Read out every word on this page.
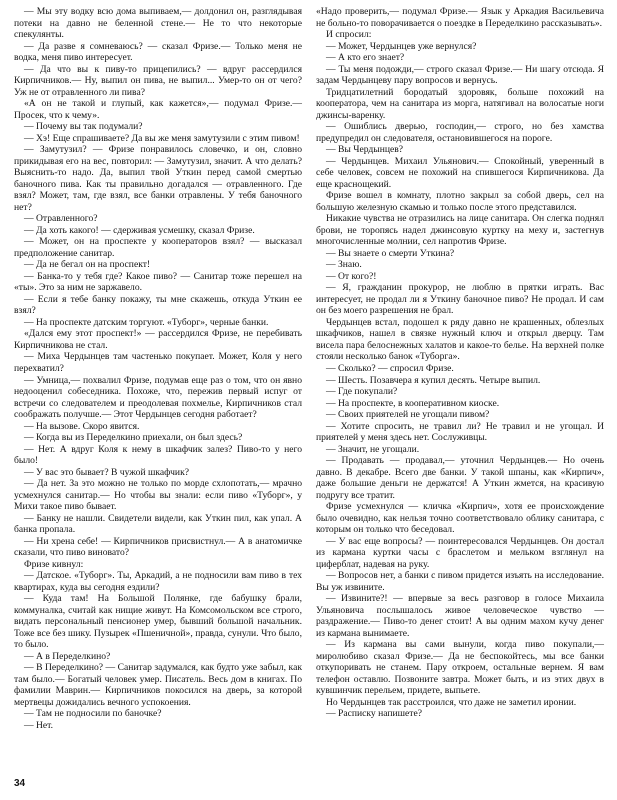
— Мы эту водку всю дома выпиваем,— долдонил он, разглядывая потеки на давно не беленной стене.— Не то что некоторые спекулянты.

— Да разве я сомневаюсь? — сказал Фризе.— Только меня не водка, меня пиво интересует.

— Да что вы к пиву-то прицепились? — вдруг рассердился Кирпичников.— Ну, выпил он пива, не выпил... Умер-то он от чего? Уж не от отравленного ли пива?

«А он не такой и глупый, как кажется»,— подумал Фризе.— Просек, что к чему».

— Почему вы так подумали?

— Хэ! Еще спрашиваете? Да вы же меня замутузили с этим пивом!

— Замутузил? — Фризе понравилось словечко, и он, словно прикидывая его на вес, повторил: — Замутузил, значит. А что делать? Выяснить-то надо. Да, выпил твой Уткин перед самой смертью баночного пива. Как ты правильно догадался — отравленного. Где взял? Может, там, где взял, все банки отравлены. У тебя баночного нет?

— Отравленного?

— Да хоть какого! — сдерживая усмешку, сказал Фризе.

— Может, он на проспекте у кооператоров взял? — высказал предположение санитар.

— Да не бегал он на проспект!

— Банка-то у тебя где? Какое пиво? — Санитар тоже перешел на «ты». Это за ним не заржавело.

— Если я тебе банку покажу, ты мне скажешь, откуда Уткин ее взял?

— На проспекте датским торгуют. «Туборг», черные банки.

«Дался ему этот проспект!» — рассердился Фризе, не перебивать Кирпичникова не стал.

— Миха Чердынцев там частенько покупает. Может, Коля у него перехватил?

— Умница,— похвалил Фризе, подумав еще раз о том, что он явно недооценил собеседника. Похоже, что, пережив первый испуг от встречи со следователем и преодолевая похмелье, Кирпичников стал соображать получше.— Этот Чердынцев сегодня работает?

— На вызове. Скоро явится.

— Когда вы из Переделкино приехали, он был здесь?

— Нет. А вдруг Коля к нему в шкафчик залез? Пиво-то у него было!

— У вас это бывает? В чужой шкафчик?

— Да нет. За это можно не только по морде схлопотать,— мрачно усмехнулся санитар.— Но чтобы вы знали: если пиво «Туборг», у Михи такое пиво бывает.

— Банку не нашли. Свидетели видели, как Уткин пил, как упал. А банка пропала.

— Ни хрена себе! — Кирпичников присвистнул.— А в анатомичке сказали, что пиво виновато?

Фризе кивнул:

— Датское. «Туборг». Ты, Аркадий, а не подносили вам пиво в тех квартирах, куда вы сегодня ездили?

— Куда там! На Большой Полянке, где бабушку брали, коммуналка, считай как нищие живут. На Комсомольском все строго, видать персональный пенсионер умер, бывший большой начальник. Тоже все без шику. Пузырек «Пшеничной», правда, сунули. Что было, то было.

— А в Переделкино?

— В Переделкино? — Санитар задумался, как будто уже забыл, как там было.— Богатый человек умер. Писатель. Весь дом в книгах. По фамилии Маврин.— Кирпичников покосился на дверь, за которой мертвецы дожидались вечного успокоения.

— Там не подносили по баночке?

— Нет.

«Надо проверить,— подумал Фризе.— Язык у Аркадия Васильевича не больно-то поворачивается о поездке в Переделкино рассказывать».

И спросил:

— Может, Чердынцев уже вернулся?

— А кто его знает?

— Ты меня подожди,— строго сказал Фризе.— Ни шагу отсюда. Я задам Чердынцеву пару вопросов и вернусь.

Тридцатилетний бородатый здоровяк, больше похожий на кооператора, чем на санитара из морга, натягивал на волосатые ноги джинсы-варенку.

— Ошиблись дверью, господин,— строго, но без хамства предупредил он следователя, остановившегося на пороге.

— Вы Чердынцев?

— Чердынцев. Михаил Ульянович.— Спокойный, уверенный в себе человек, совсем не похожий на спившегося Кирпичникова. Да еще краснощекий.

Фризе вошел в комнату, плотно закрыл за собой дверь, сел на большую железную скамью и только после этого представился.

Никакие чувства не отразились на лице санитара. Он слегка поднял брови, не торопясь надел джинсовую куртку на меху и, застегнув многочисленные молнии, сел напротив Фризе.

— Вы знаете о смерти Уткина?

— Знаю.

— От кого?!

— Я, гражданин прокурор, не люблю в прятки играть. Вас интересует, не продал ли я Уткину баночное пиво? Не продал. И сам он без моего разрешения не брал.

Чердынцев встал, подошел к ряду давно не крашенных, облезлых шкафчиков, нашел в связке нужный ключ и открыл дверцу. Там висела пара белоснежных халатов и какое-то белье. На верхней полке стояли несколько банок «Туборга».

— Сколько? — спросил Фризе.

— Шесть. Позавчера я купил десять. Четыре выпил.

— Где покупали?

— На проспекте, в кооперативном киоске.

— Своих приятелей не угощали пивом?

— Хотите спросить, не травил ли? Не травил и не угощал. И приятелей у меня здесь нет. Сослуживцы.

— Значит, не угощали.

— Продавать — продавал,— уточнил Чердынцев.— Но очень давно. В декабре. Всего две банки. У такой шпаны, как «Кирпич», даже большие деньги не держатся! А Уткин жмется, на красивую подругу все тратит.

Фризе усмехнулся — кличка «Кирпич», хотя ее происхождение было очевидно, как нельзя точно соответствовало облику санитара, с которым он только что беседовал.

— У вас еще вопросы? — поинтересовался Чердынцев. Он достал из кармана куртки часы с браслетом и мельком взглянул на циферблат, надевая на руку.

— Вопросов нет, а банки с пивом придется изъять на исследование. Вы уж извините.

— Извините?! — впервые за весь разговор в голосе Михаила Ульяновича послышалось живое человеческое чувство — раздражение.— Пиво-то денег стоит! А вы одним махом кучу денег из кармана вынимаете.

— Из кармана вы сами вынули, когда пиво покупали,— миролюбиво сказал Фризе.— Да не беспокойтесь, мы все банки откупоривать не станем. Пару откроем, остальные вернем. Я вам телефон оставлю. Позвоните завтра. Может быть, и из этих двух в кувшинчик перельем, придете, выпьете.

Но Чердынцев так расстроился, что даже не заметил иронии.

— Расписку напишете?

34
